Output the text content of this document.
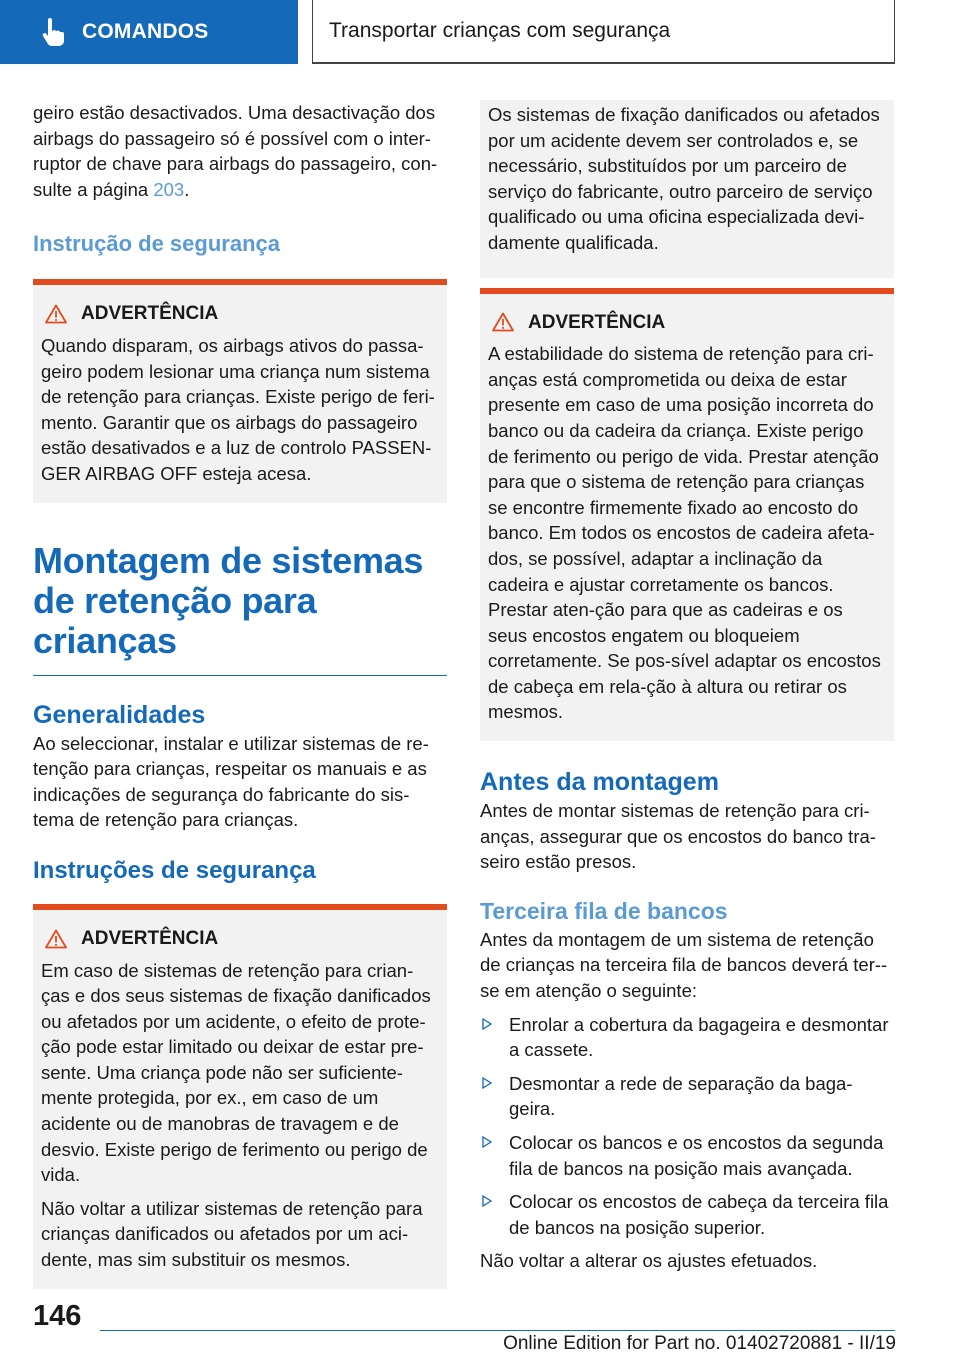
COMANDOS	Transportar crianças com segurança

geiro estão desactivados. Uma desactivação dos airbags do passageiro só é possível com o inter-ruptor de chave para airbags do passageiro, con-sulte a página 203.

Instrução de segurança
ADVERTÊNCIA

Quando disparam, os airbags ativos do passa-geiro podem lesionar uma criança num sistema de retenção para crianças. Existe perigo de feri-mento. Garantir que os airbags do passageiro estão desativados e a luz de controlo PASSEN-GER AIRBAG OFF esteja acesa.

Montagem de sistemas de retenção para crianças
Generalidades

Ao seleccionar, instalar e utilizar sistemas de re-tenção para crianças, respeitar os manuais e as indicações de segurança do fabricante do sis-tema de retenção para crianças.

Instruções de segurança
ADVERTÊNCIA

Em caso de sistemas de retenção para crian-ças e dos seus sistemas de fixação danificados ou afetados por um acidente, o efeito de prote-ção pode estar limitado ou deixar de estar pre-sente. Uma criança pode não ser suficiente-mente protegida, por ex., em caso de um acidente ou de manobras de travagem e de desvio. Existe perigo de ferimento ou perigo de vida.

Não voltar a utilizar sistemas de retenção para crianças danificados ou afetados por um aci-dente, mas sim substituir os mesmos.

Os sistemas de fixação danificados ou afetados por um acidente devem ser controlados e, se necessário, substituídos por um parceiro de serviço do fabricante, outro parceiro de serviço qualificado ou uma oficina especializada devi-damente qualificada.

ADVERTÊNCIA

A estabilidade do sistema de retenção para cri-anças está comprometida ou deixa de estar presente em caso de uma posição incorreta do banco ou da cadeira da criança. Existe perigo de ferimento ou perigo de vida. Prestar atenção para que o sistema de retenção para crianças se encontre firmemente fixado ao encosto do banco. Em todos os encostos de cadeira afeta-dos, se possível, adaptar a inclinação da cadeira e ajustar corretamente os bancos. Prestar aten-ção para que as cadeiras e os seus encostos engatem ou bloqueiem corretamente. Se pos-sível adaptar os encostos de cabeça em rela-ção à altura ou retirar os mesmos.

Antes da montagem

Antes de montar sistemas de retenção para cri-anças, assegurar que os encostos do banco tra-seiro estão presos.

Terceira fila de bancos

Antes da montagem de um sistema de retenção de crianças na terceira fila de bancos deverá ter--se em atenção o seguinte:

Enrolar a cobertura da bagageira e desmontar a cassete.
Desmontar a rede de separação da baga-geira.
Colocar os bancos e os encostos da segunda fila de bancos na posição mais avançada.
Colocar os encostos de cabeça da terceira fila de bancos na posição superior.

Não voltar a alterar os ajustes efetuados.

146
Online Edition for Part no. 01402720881 - II/19
